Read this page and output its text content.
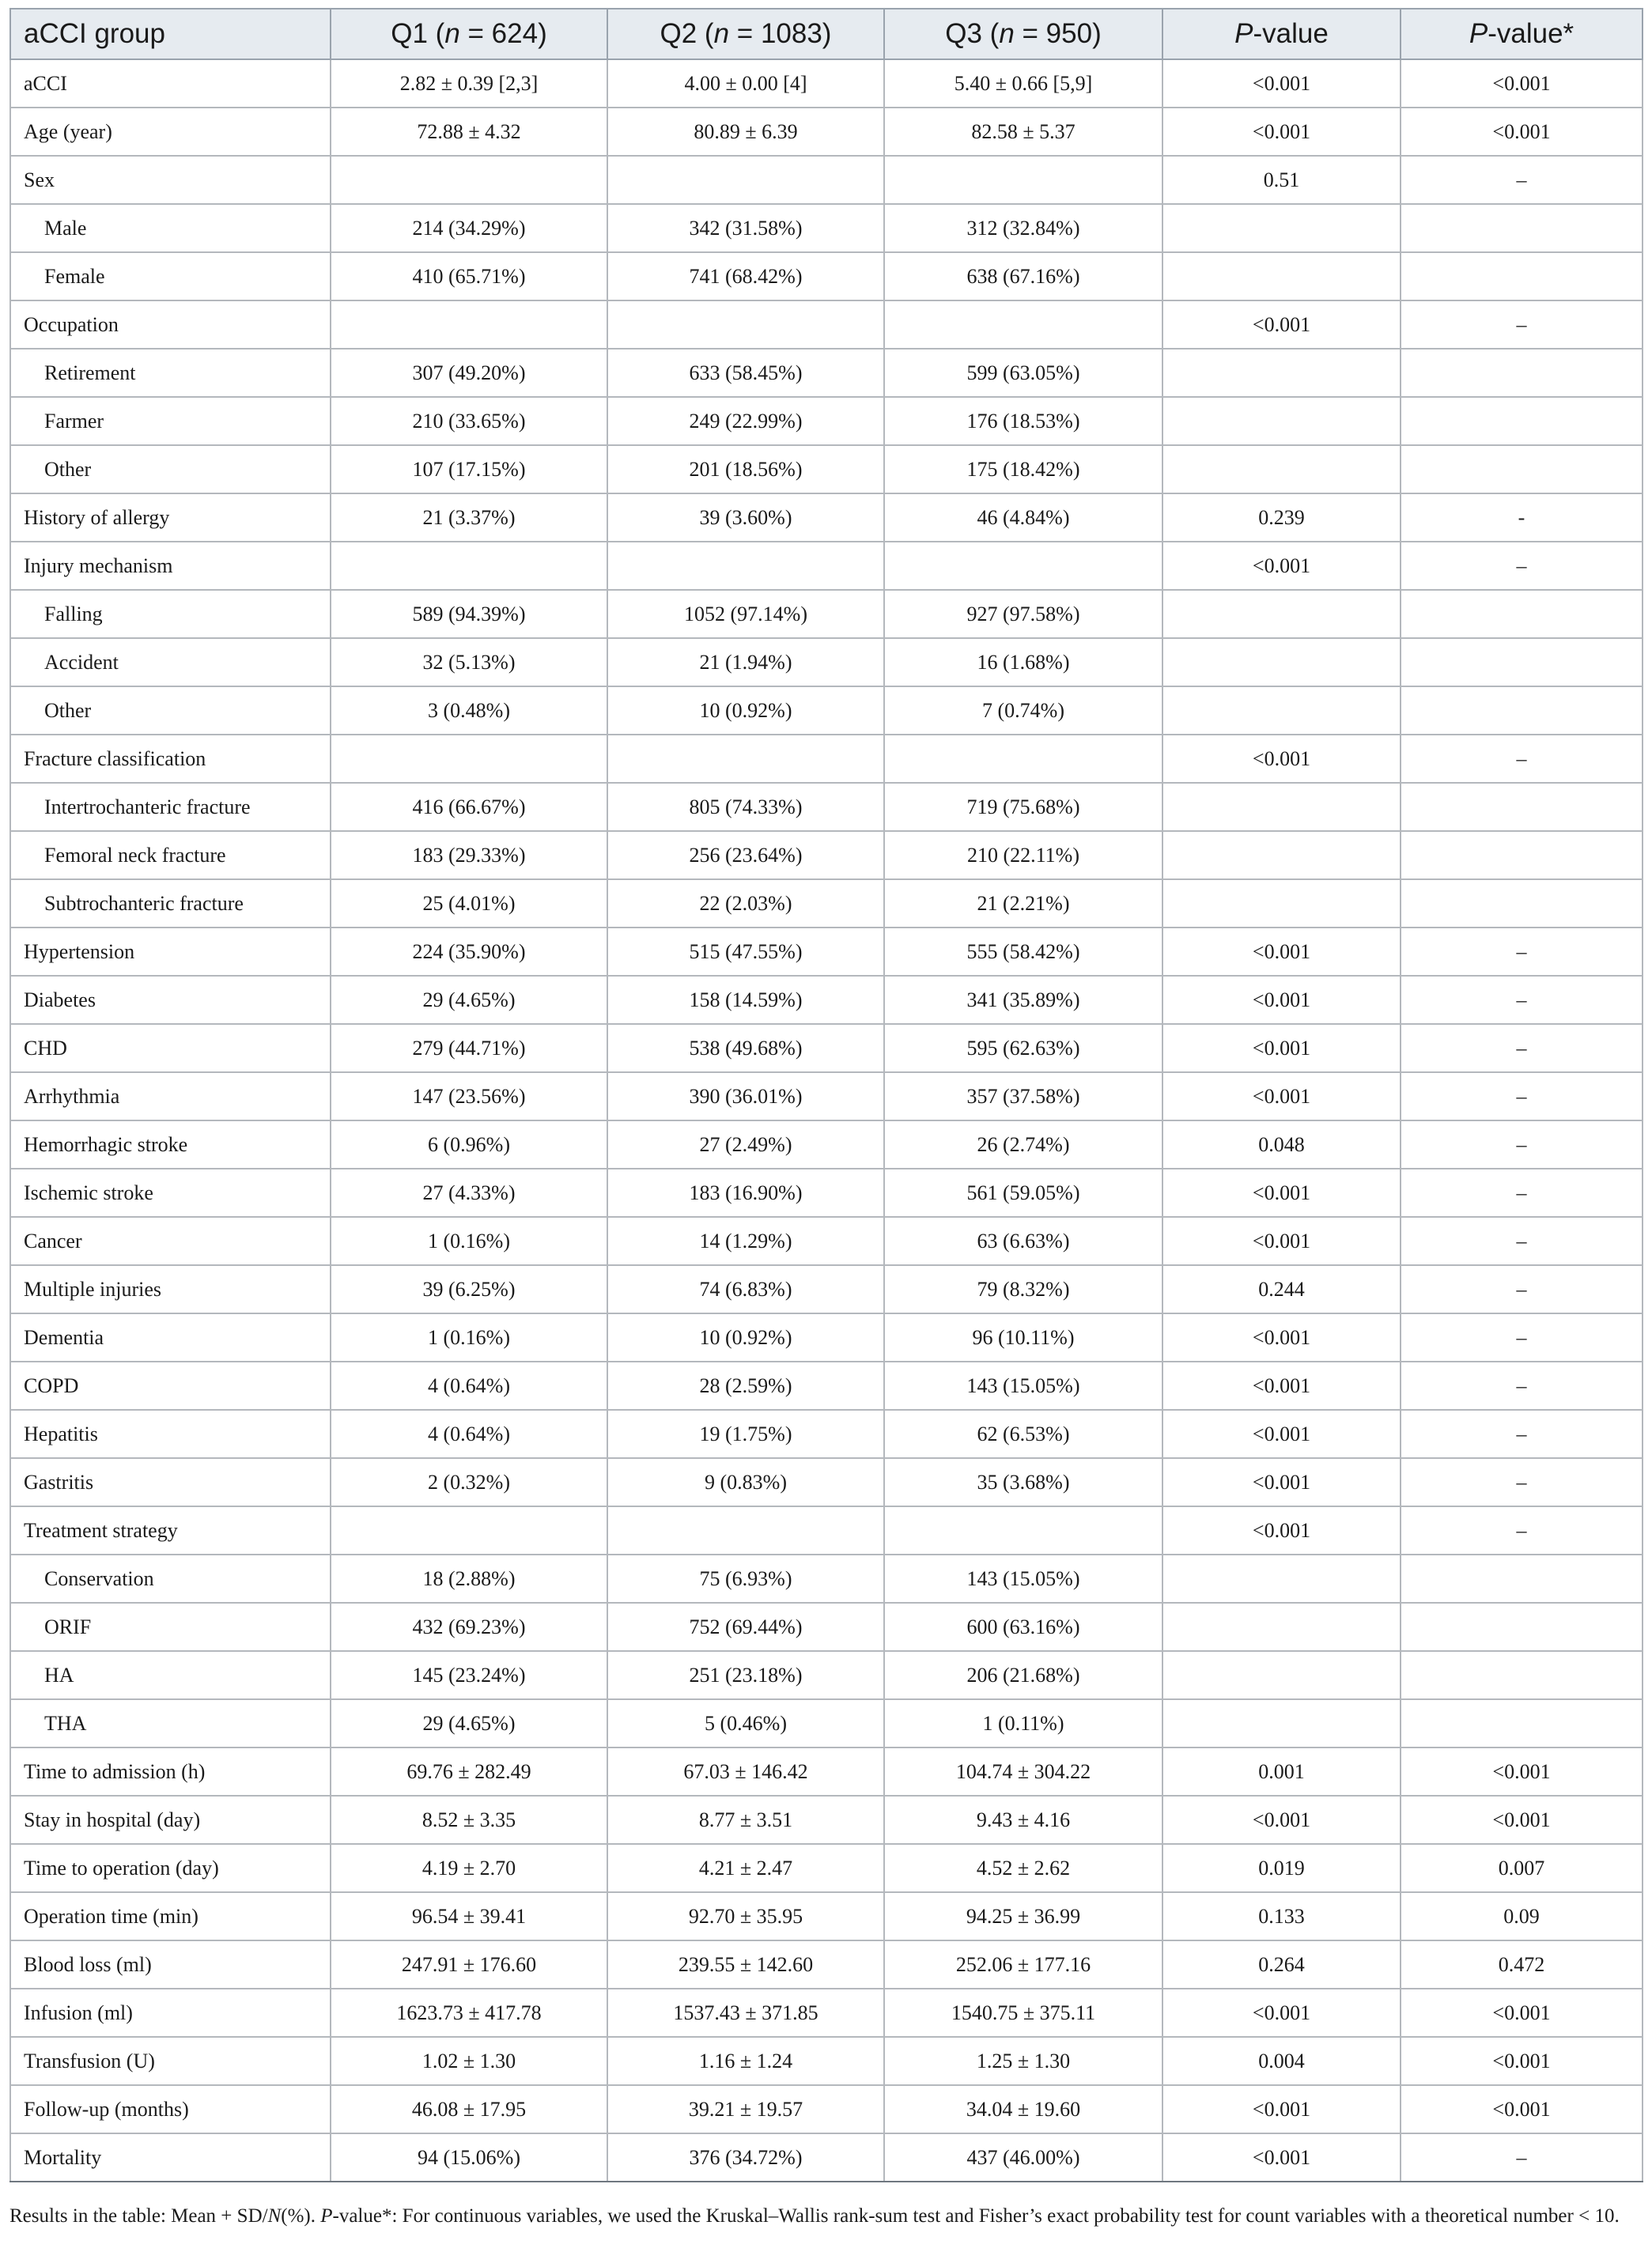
aCCI group	Q1 (n = 624)	Q2 (n = 1083)	Q3 (n = 950)	P-value	P-value*
aCCI	2.82 ± 0.39 [2,3]	4.00 ± 0.00 [4]	5.40 ± 0.66 [5,9]	<0.001	<0.001
Age (year)	72.88 ± 4.32	80.89 ± 6.39	82.58 ± 5.37	<0.001	<0.001
Sex				0.51	–
Male	214 (34.29%)	342 (31.58%)	312 (32.84%)		
Female	410 (65.71%)	741 (68.42%)	638 (67.16%)		
Occupation				<0.001	–
Retirement	307 (49.20%)	633 (58.45%)	599 (63.05%)		
Farmer	210 (33.65%)	249 (22.99%)	176 (18.53%)		
Other	107 (17.15%)	201 (18.56%)	175 (18.42%)		
History of allergy	21 (3.37%)	39 (3.60%)	46 (4.84%)	0.239	-
Injury mechanism				<0.001	–
Falling	589 (94.39%)	1052 (97.14%)	927 (97.58%)		
Accident	32 (5.13%)	21 (1.94%)	16 (1.68%)		
Other	3 (0.48%)	10 (0.92%)	7 (0.74%)		
Fracture classification				<0.001	–
Intertrochanteric fracture	416 (66.67%)	805 (74.33%)	719 (75.68%)		
Femoral neck fracture	183 (29.33%)	256 (23.64%)	210 (22.11%)		
Subtrochanteric fracture	25 (4.01%)	22 (2.03%)	21 (2.21%)		
Hypertension	224 (35.90%)	515 (47.55%)	555 (58.42%)	<0.001	–
Diabetes	29 (4.65%)	158 (14.59%)	341 (35.89%)	<0.001	–
CHD	279 (44.71%)	538 (49.68%)	595 (62.63%)	<0.001	–
Arrhythmia	147 (23.56%)	390 (36.01%)	357 (37.58%)	<0.001	–
Hemorrhagic stroke	6 (0.96%)	27 (2.49%)	26 (2.74%)	0.048	–
Ischemic stroke	27 (4.33%)	183 (16.90%)	561 (59.05%)	<0.001	–
Cancer	1 (0.16%)	14 (1.29%)	63 (6.63%)	<0.001	–
Multiple injuries	39 (6.25%)	74 (6.83%)	79 (8.32%)	0.244	–
Dementia	1 (0.16%)	10 (0.92%)	96 (10.11%)	<0.001	–
COPD	4 (0.64%)	28 (2.59%)	143 (15.05%)	<0.001	–
Hepatitis	4 (0.64%)	19 (1.75%)	62 (6.53%)	<0.001	–
Gastritis	2 (0.32%)	9 (0.83%)	35 (3.68%)	<0.001	–
Treatment strategy				<0.001	–
Conservation	18 (2.88%)	75 (6.93%)	143 (15.05%)		
ORIF	432 (69.23%)	752 (69.44%)	600 (63.16%)		
HA	145 (23.24%)	251 (23.18%)	206 (21.68%)		
THA	29 (4.65%)	5 (0.46%)	1 (0.11%)		
Time to admission (h)	69.76 ± 282.49	67.03 ± 146.42	104.74 ± 304.22	0.001	<0.001
Stay in hospital (day)	8.52 ± 3.35	8.77 ± 3.51	9.43 ± 4.16	<0.001	<0.001
Time to operation (day)	4.19 ± 2.70	4.21 ± 2.47	4.52 ± 2.62	0.019	0.007
Operation time (min)	96.54 ± 39.41	92.70 ± 35.95	94.25 ± 36.99	0.133	0.09
Blood loss (ml)	247.91 ± 176.60	239.55 ± 142.60	252.06 ± 177.16	0.264	0.472
Infusion (ml)	1623.73 ± 417.78	1537.43 ± 371.85	1540.75 ± 375.11	<0.001	<0.001
Transfusion (U)	1.02 ± 1.30	1.16 ± 1.24	1.25 ± 1.30	0.004	<0.001
Follow-up (months)	46.08 ± 17.95	39.21 ± 19.57	34.04 ± 19.60	<0.001	<0.001
Mortality	94 (15.06%)	376 (34.72%)	437 (46.00%)	<0.001	–
Results in the table: Mean + SD/N(%). P-value*: For continuous variables, we used the Kruskal–Wallis rank-sum test and Fisher’s exact probability test for count variables with a theoretical number < 10.
